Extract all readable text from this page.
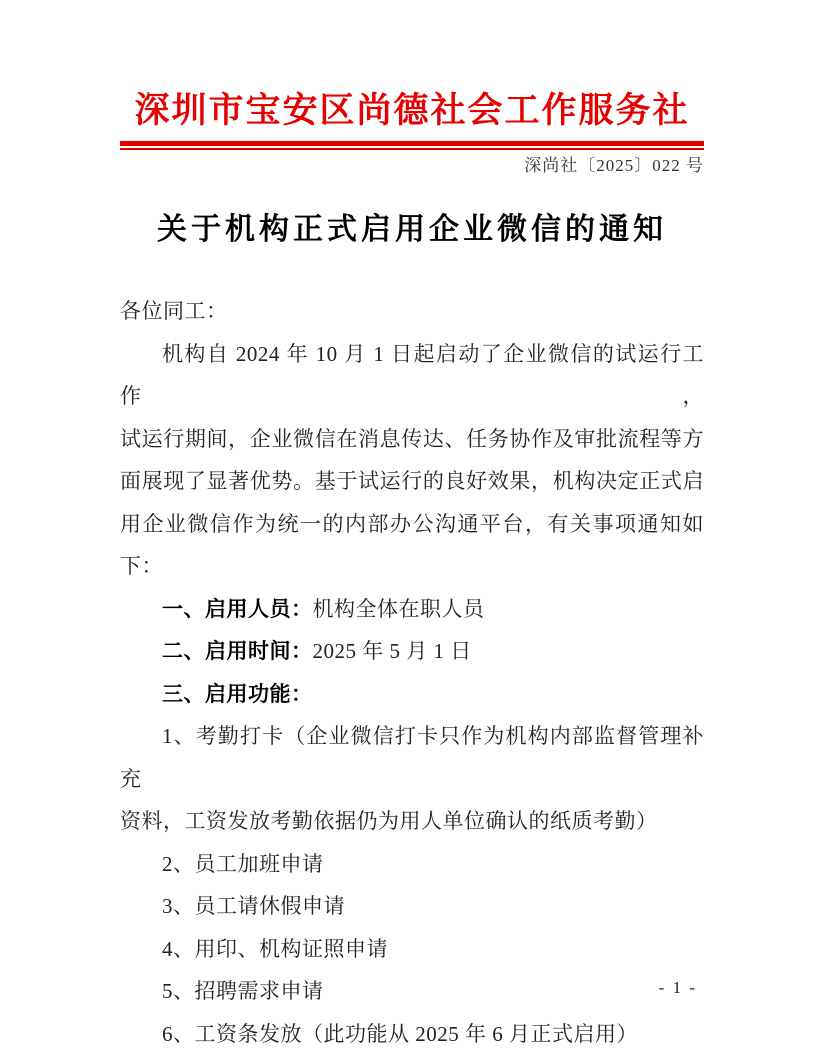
深圳市宝安区尚德社会工作服务社
深尚社〔2025〕022 号
关于机构正式启用企业微信的通知
各位同工：
机构自 2024 年 10 月 1 日起启动了企业微信的试运行工作，
试运行期间，企业微信在消息传达、任务协作及审批流程等方
面展现了显著优势。基于试运行的良好效果，机构决定正式启
用企业微信作为统一的内部办公沟通平台，有关事项通知如
下：
一、启用人员：机构全体在职人员
二、启用时间：2025 年 5 月 1 日
三、启用功能：
1、考勤打卡（企业微信打卡只作为机构内部监督管理补充
资料，工资发放考勤依据仍为用人单位确认的纸质考勤）
2、员工加班申请
3、员工请休假申请
4、用印、机构证照申请
5、招聘需求申请
6、工资条发放（此功能从 2025 年 6 月正式启用）
- 1 -
